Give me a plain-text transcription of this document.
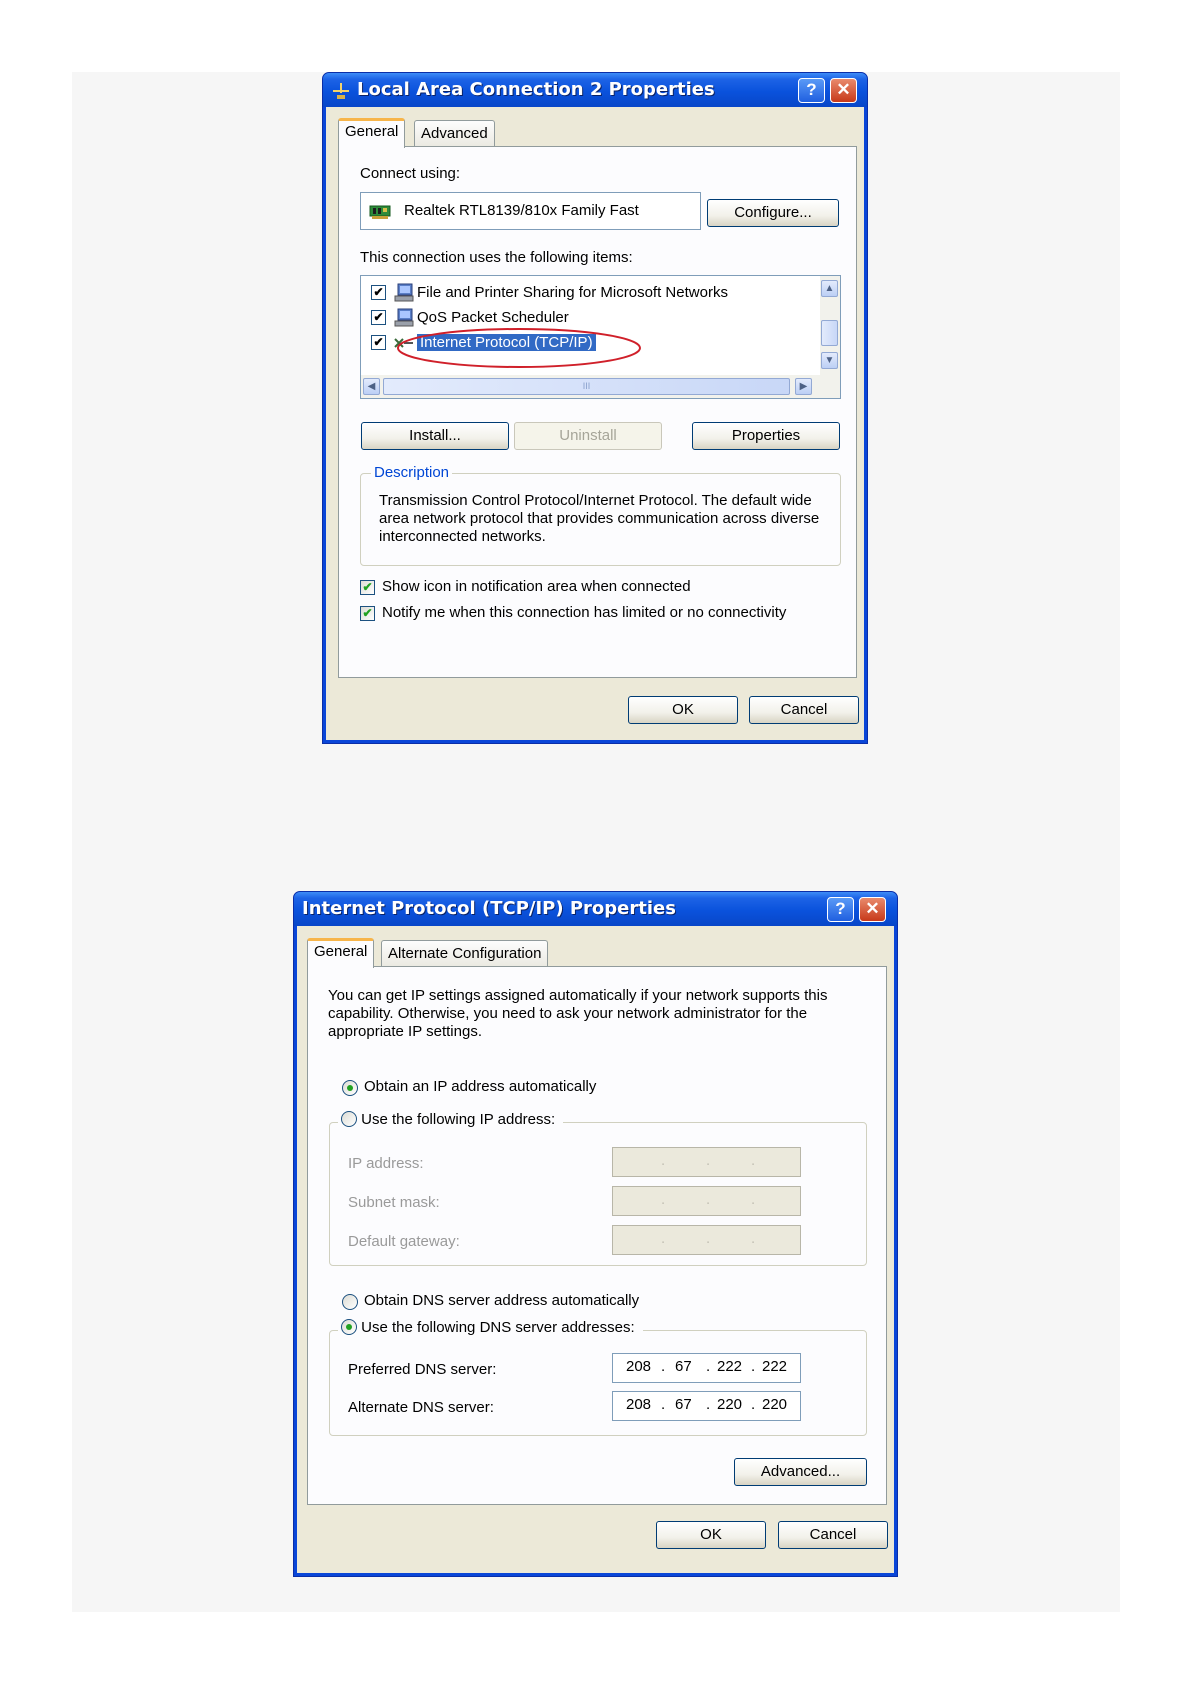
Local Area Connection 2 Properties	?	✕
General	Advanced
Connect using:
Realtek RTL8139/810x Family Fast	Configure...
This connection uses the following items:
✔ File and Printer Sharing for Microsoft Networks
✔ QoS Packet Scheduler
✔ Internet Protocol (TCP/IP)
▲
▼
◀	III	▶
Install...	Uninstall	Properties
Description
Transmission Control Protocol/Internet Protocol. The default wide area network protocol that provides communication across diverse interconnected networks.
✔ Show icon in notification area when connected
✔ Notify me when this connection has limited or no connectivity
OK	Cancel
Internet Protocol (TCP/IP) Properties	?	✕
General	Alternate Configuration
You can get IP settings assigned automatically if your network supports this capability. Otherwise, you need to ask your network administrator for the appropriate IP settings.
Obtain an IP address automatically
Use the following IP address:
IP address:	.	.	.
Subnet mask:	.	.	.
Default gateway:	.	.	.
Obtain DNS server address automatically
Use the following DNS server addresses:
Preferred DNS server:	208 . 67 . 222 . 222
Alternate DNS server:	208 . 67 . 220 . 220
Advanced...
OK	Cancel
